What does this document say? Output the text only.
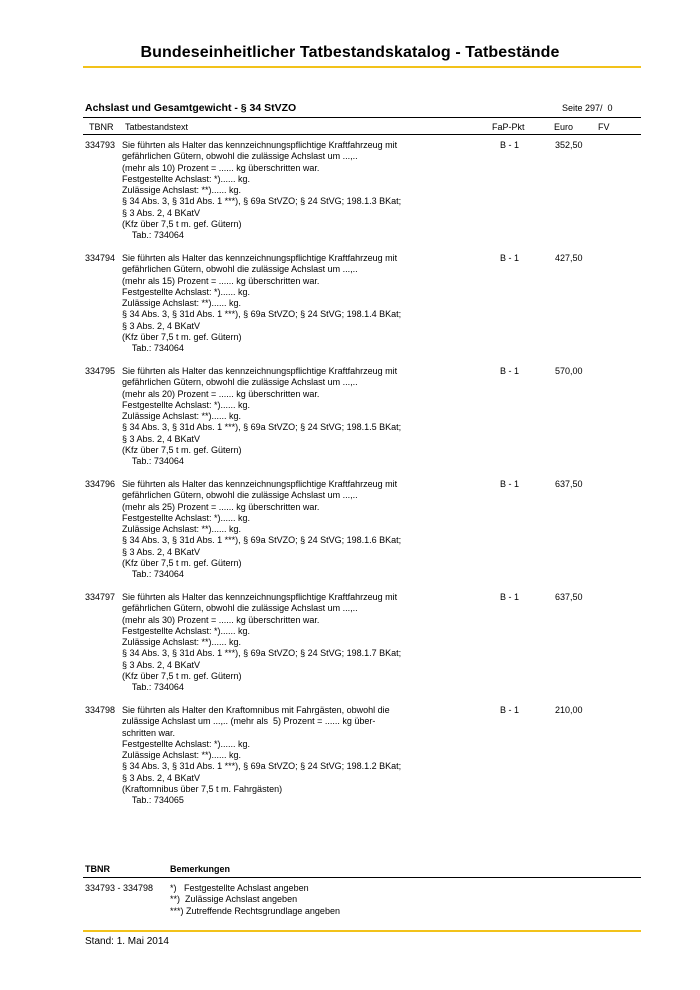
Bundeseinheitlicher Tatbestandskatalog - Tatbestände
Achslast und Gesamtgewicht - § 34 StVZO	Seite 297/  0
TBNR Tatbestandstext	FaP-Pkt	Euro	FV
334793 Sie führten als Halter das kennzeichnungspflichtige Kraftfahrzeug mit
gefährlichen Gütern, obwohl die zulässige Achslast um ...,..
(mehr als 10) Prozent = ...... kg überschritten war.
Festgestellte Achslast: *)...... kg.
Zulässige Achslast: **)...... kg.
§ 34 Abs. 3, § 31d Abs. 1 ***), § 69a StVZO; § 24 StVG; 198.1.3 BKat;
§ 3 Abs. 2, 4 BKatV
(Kfz über 7,5 t m. gef. Gütern)
Tab.: 734064
B - 1	352,50
334794 Sie führten als Halter das kennzeichnungspflichtige Kraftfahrzeug mit
gefährlichen Gütern, obwohl die zulässige Achslast um ...,..
(mehr als 15) Prozent = ...... kg überschritten war.
Festgestellte Achslast: *)...... kg.
Zulässige Achslast: **)...... kg.
§ 34 Abs. 3, § 31d Abs. 1 ***), § 69a StVZO; § 24 StVG; 198.1.4 BKat;
§ 3 Abs. 2, 4 BKatV
(Kfz über 7,5 t m. gef. Gütern)
Tab.: 734064
B - 1	427,50
334795 Sie führten als Halter das kennzeichnungspflichtige Kraftfahrzeug mit
gefährlichen Gütern, obwohl die zulässige Achslast um ...,..
(mehr als 20) Prozent = ...... kg überschritten war.
Festgestellte Achslast: *)...... kg.
Zulässige Achslast: **)...... kg.
§ 34 Abs. 3, § 31d Abs. 1 ***), § 69a StVZO; § 24 StVG; 198.1.5 BKat;
§ 3 Abs. 2, 4 BKatV
(Kfz über 7,5 t m. gef. Gütern)
Tab.: 734064
B - 1	570,00
334796 Sie führten als Halter das kennzeichnungspflichtige Kraftfahrzeug mit
gefährlichen Gütern, obwohl die zulässige Achslast um ...,..
(mehr als 25) Prozent = ...... kg überschritten war.
Festgestellte Achslast: *)...... kg.
Zulässige Achslast: **)...... kg.
§ 34 Abs. 3, § 31d Abs. 1 ***), § 69a StVZO; § 24 StVG; 198.1.6 BKat;
§ 3 Abs. 2, 4 BKatV
(Kfz über 7,5 t m. gef. Gütern)
Tab.: 734064
B - 1	637,50
334797 Sie führten als Halter das kennzeichnungspflichtige Kraftfahrzeug mit
gefährlichen Gütern, obwohl die zulässige Achslast um ...,..
(mehr als 30) Prozent = ...... kg überschritten war.
Festgestellte Achslast: *)...... kg.
Zulässige Achslast: **)...... kg.
§ 34 Abs. 3, § 31d Abs. 1 ***), § 69a StVZO; § 24 StVG; 198.1.7 BKat;
§ 3 Abs. 2, 4 BKatV
(Kfz über 7,5 t m. gef. Gütern)
Tab.: 734064
B - 1	637,50
334798 Sie führten als Halter den Kraftomnibus mit Fahrgästen, obwohl die
zulässige Achslast um ...,.. (mehr als  5) Prozent = ...... kg über-
schritten war.
Festgestellte Achslast: *)...... kg.
Zulässige Achslast: **)...... kg.
§ 34 Abs. 3, § 31d Abs. 1 ***), § 69a StVZO; § 24 StVG; 198.1.2 BKat;
§ 3 Abs. 2, 4 BKatV
(Kraftomnibus über 7,5 t m. Fahrgästen)
Tab.: 734065
B - 1	210,00
TBNR	Bemerkungen
334793 - 334798 *)   Festgestellte Achslast angeben
**)  Zulässige Achslast angeben
***) Zutreffende Rechtsgrundlage angeben
Stand: 1. Mai 2014
